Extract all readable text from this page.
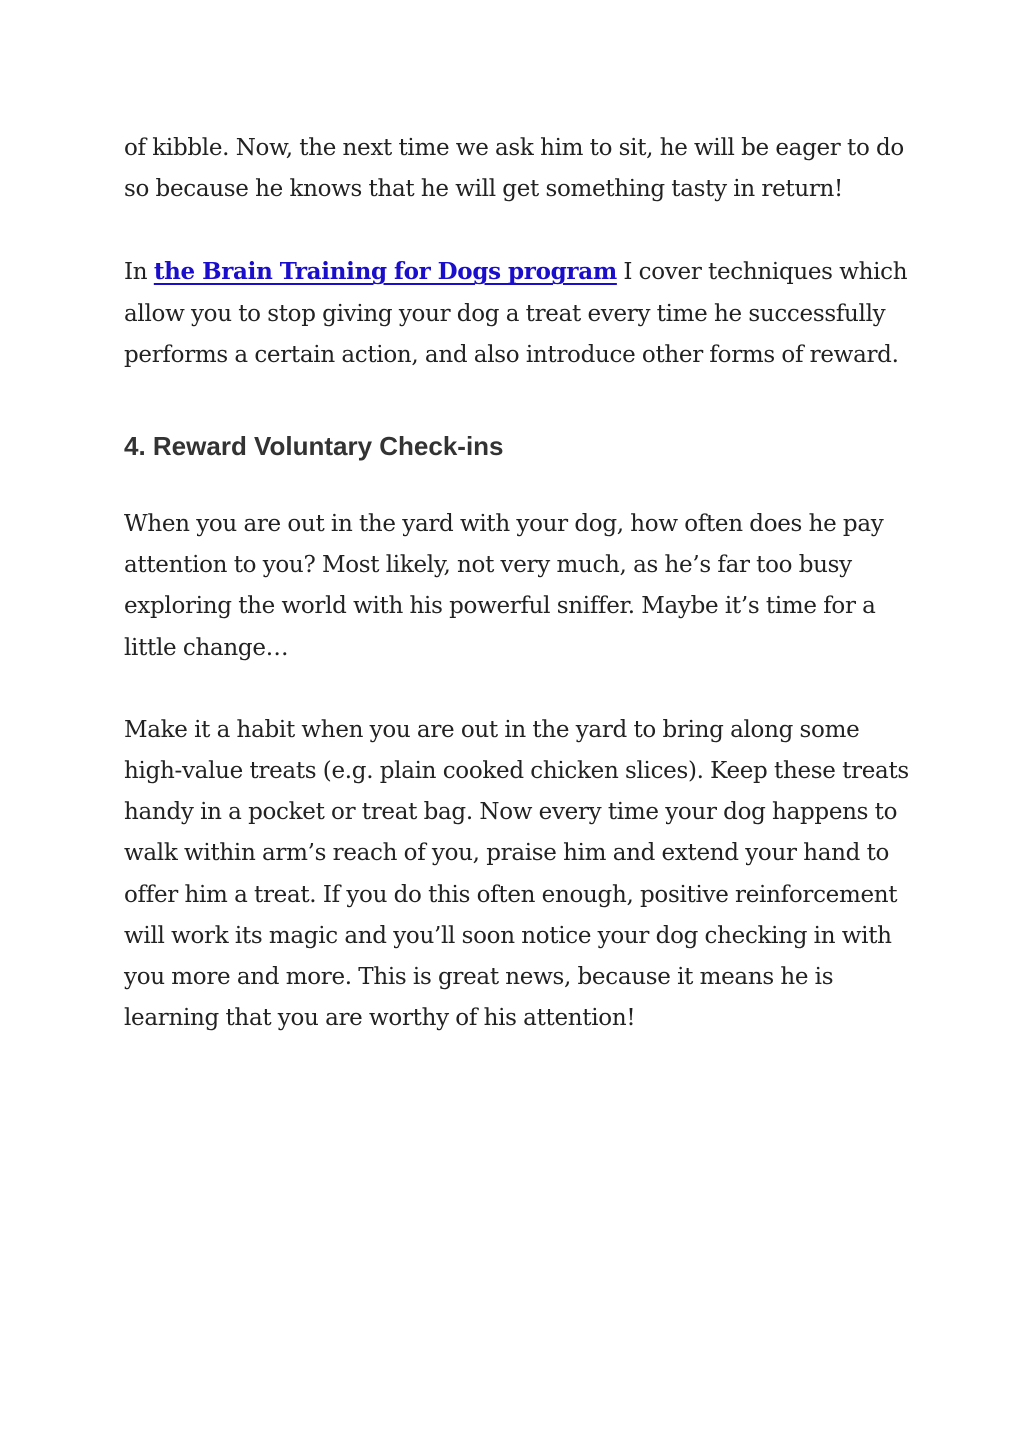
of kibble. Now, the next time we ask him to sit, he will be eager to do so because he knows that he will get something tasty in return!

In the Brain Training for Dogs program I cover techniques which allow you to stop giving your dog a treat every time he successfully performs a certain action, and also introduce other forms of reward.

4. Reward Voluntary Check-ins

When you are out in the yard with your dog, how often does he pay attention to you? Most likely, not very much, as he’s far too busy exploring the world with his powerful sniffer. Maybe it’s time for a little change…

Make it a habit when you are out in the yard to bring along some high-value treats (e.g. plain cooked chicken slices). Keep these treats handy in a pocket or treat bag. Now every time your dog happens to walk within arm’s reach of you, praise him and extend your hand to offer him a treat. If you do this often enough, positive reinforcement will work its magic and you’ll soon notice your dog checking in with you more and more. This is great news, because it means he is learning that you are worthy of his attention!
